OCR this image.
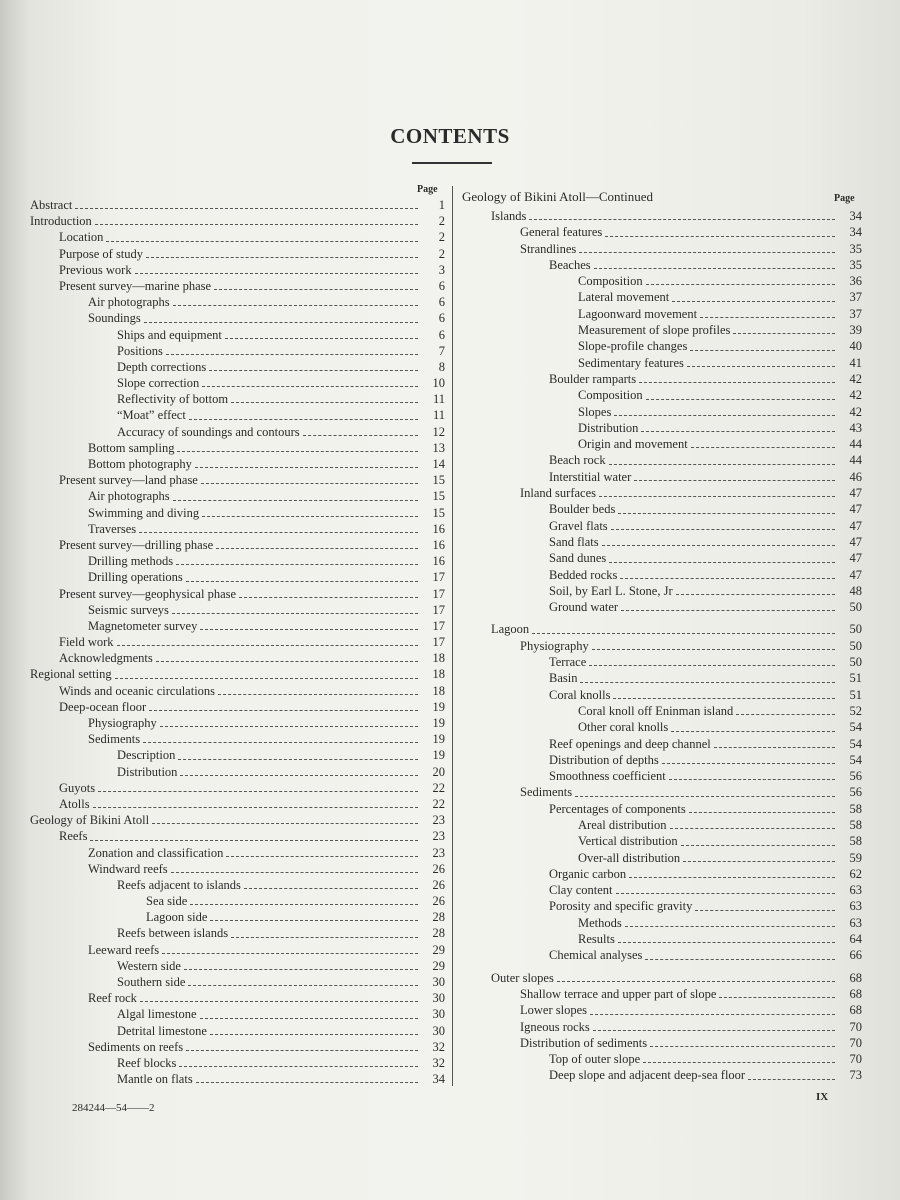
CONTENTS
Page
Page
Abstract	1
Introduction	2
Location	2
Purpose of study	2
Previous work	3
Present survey—marine phase	6
Air photographs	6
Soundings	6
Ships and equipment	6
Positions	7
Depth corrections	8
Slope correction	10
Reflectivity of bottom	11
“Moat” effect	11
Accuracy of soundings and contours	12
Bottom sampling	13
Bottom photography	14
Present survey—land phase	15
Air photographs	15
Swimming and diving	15
Traverses	16
Present survey—drilling phase	16
Drilling methods	16
Drilling operations	17
Present survey—geophysical phase	17
Seismic surveys	17
Magnetometer survey	17
Field work	17
Acknowledgments	18
Regional setting	18
Winds and oceanic circulations	18
Deep-ocean floor	19
Physiography	19
Sediments	19
Description	19
Distribution	20
Guyots	22
Atolls	22
Geology of Bikini Atoll	23
Reefs	23
Zonation and classification	23
Windward reefs	26
Reefs adjacent to islands	26
Sea side	26
Lagoon side	28
Reefs between islands	28
Leeward reefs	29
Western side	29
Southern side	30
Reef rock	30
Algal limestone	30
Detrital limestone	30
Sediments on reefs	32
Reef blocks	32
Mantle on flats	34
Geology of Bikini Atoll—Continued
Islands	34
General features	34
Strandlines	35
Beaches	35
Composition	36
Lateral movement	37
Lagoonward movement	37
Measurement of slope profiles	39
Slope-profile changes	40
Sedimentary features	41
Boulder ramparts	42
Composition	42
Slopes	42
Distribution	43
Origin and movement	44
Beach rock	44
Interstitial water	46
Inland surfaces	47
Boulder beds	47
Gravel flats	47
Sand flats	47
Sand dunes	47
Bedded rocks	47
Soil, by Earl L. Stone, Jr	48
Ground water	50
Lagoon	50
Physiography	50
Terrace	50
Basin	51
Coral knolls	51
Coral knoll off Eninman island	52
Other coral knolls	54
Reef openings and deep channel	54
Distribution of depths	54
Smoothness coefficient	56
Sediments	56
Percentages of components	58
Areal distribution	58
Vertical distribution	58
Over-all distribution	59
Organic carbon	62
Clay content	63
Porosity and specific gravity	63
Methods	63
Results	64
Chemical analyses	66
Outer slopes	68
Shallow terrace and upper part of slope	68
Lower slopes	68
Igneous rocks	70
Distribution of sediments	70
Top of outer slope	70
Deep slope and adjacent deep-sea floor	73
284244—54——2
IX
